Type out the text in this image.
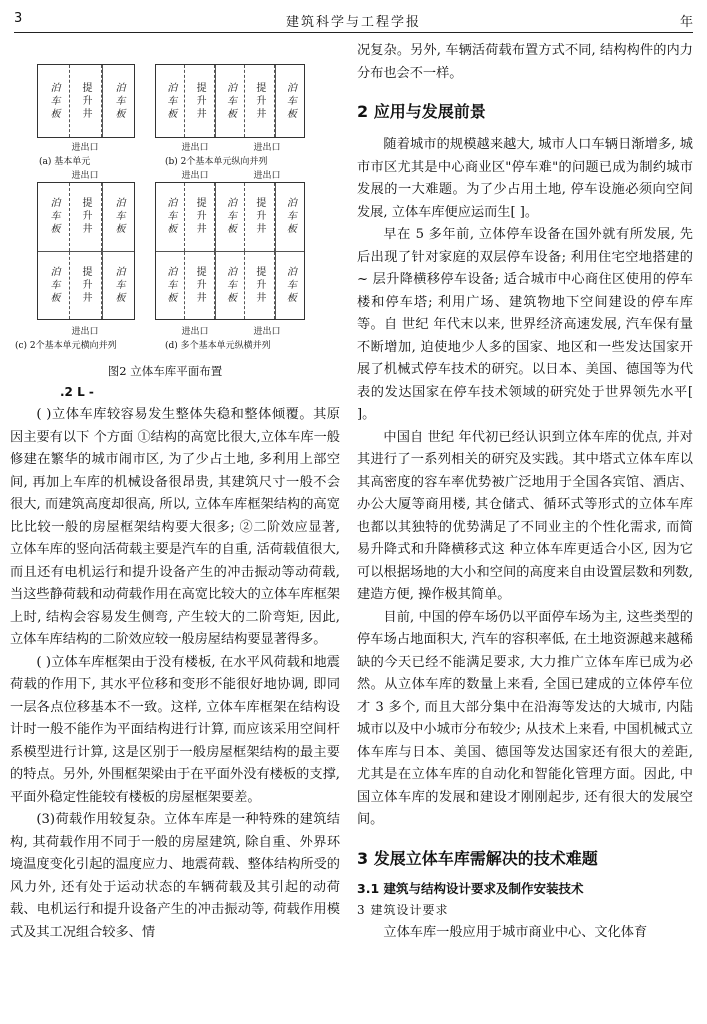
3	建筑科学与工程学报	年
泊车板 提升井 泊车板
进出口
(a) 基本单元
泊车板 提升井 泊车板 提升井 泊车板
进出口	进出口
(b) 2个基本单元纵向并列
进出口
泊车板 提升井 泊车板
泊车板 提升井 泊车板
进出口
(c) 2个基本单元横向并列
进出口	进出口
泊车板 提升井 泊车板 提升井 泊车板
泊车板 提升井 泊车板 提升井 泊车板
进出口	进出口
(d) 多个基本单元纵横并列
图2 立体车库平面布置
.2 L -

( )立体车库较容易发生整体失稳和整体倾覆。其原因主要有以下 个方面 ①结构的高宽比很大,立体车库一般修建在繁华的城市闹市区, 为了少占土地, 多利用上部空间, 再加上车库的机械设备很昂贵, 其建筑尺寸一般不会很大, 而建筑高度却很高, 所以, 立体车库框架结构的高宽比比较一般的房屋框架结构要大很多; ②二阶效应显著, 立体车库的竖向活荷载主要是汽车的自重, 活荷载值很大, 而且还有电机运行和提升设备产生的冲击振动等动荷载, 当这些静荷载和动荷载作用在高宽比较大的立体车库框架上时, 结构会容易发生侧弯, 产生较大的二阶弯矩, 因此, 立体车库结构的二阶效应较一般房屋结构要显著得多。

( )立体车库框架由于没有楼板, 在水平风荷载和地震荷载的作用下, 其水平位移和变形不能很好地协调, 即同一层各点位移基本不一致。这样, 立体车库框架在结构设计时一般不能作为平面结构进行计算, 而应该采用空间杆系模型进行计算, 这是区别于一般房屋框架结构的最主要的特点。另外, 外围框架梁由于在平面外没有楼板的支撑, 平面外稳定性能较有楼板的房屋框架要差。

(3)荷载作用较复杂。立体车库是一种特殊的建筑结构, 其荷载作用不同于一般的房屋建筑, 除自重、外界环境温度变化引起的温度应力、地震荷载、整体结构所受的风力外, 还有处于运动状态的车辆荷载及其引起的动荷载、电机运行和提升设备产生的冲击振动等, 荷载作用模式及其工况组合较多、情

况复杂。另外, 车辆活荷载布置方式不同, 结构构件的内力分布也会不一样。

2 应用与发展前景

随着城市的规模越来越大, 城市人口车辆日渐增多, 城市市区尤其是中心商业区"停车难"的问题已成为制约城市发展的一大难题。为了少占用土地, 停车设施必须向空间发展, 立体车库便应运而生[ ]。

早在 5 多年前, 立体停车设备在国外就有所发展, 先后出现了针对家庭的双层停车设备; 利用住宅空地搭建的 ~ 层升降横移停车设备; 适合城市中心商住区使用的停车楼和停车塔; 利用广场、建筑物地下空间建设的停车库等。自 世纪 年代末以来, 世界经济高速发展, 汽车保有量不断增加, 迫使地少人多的国家、地区和一些发达国家开展了机械式停车技术的研究。以日本、美国、德国等为代表的发达国家在停车技术领域的研究处于世界领先水平[ ]。

中国自 世纪 年代初已经认识到立体车库的优点, 并对其进行了一系列相关的研究及实践。其中塔式立体车库以其高密度的容车率优势被广泛地用于全国各宾馆、酒店、办公大厦等商用楼, 其仓储式、循环式等形式的立体车库也都以其独特的优势满足了不同业主的个性化需求, 而简易升降式和升降横移式这 种立体车库更适合小区, 因为它可以根据场地的大小和空间的高度来自由设置层数和列数, 建造方便, 操作极其简单。

目前, 中国的停车场仍以平面停车场为主, 这些类型的停车场占地面积大, 汽车的容积率低, 在土地资源越来越稀缺的今天已经不能满足要求, 大力推广立体车库已成为必然。从立体车库的数量上来看, 全国已建成的立体停车位才 3 多个, 而且大部分集中在沿海等发达的大城市, 内陆城市以及中小城市分布较少; 从技术上来看, 中国机械式立体车库与日本、美国、德国等发达国家还有很大的差距, 尤其是在立体车库的自动化和智能化管理方面。因此, 中国立体车库的发展和建设才刚刚起步, 还有很大的发展空间。

3 发展立体车库需解决的技术难题
3.1 建筑与结构设计要求及制作安装技术
3 建筑设计要求

立体车库一般应用于城市商业中心、文化体育
